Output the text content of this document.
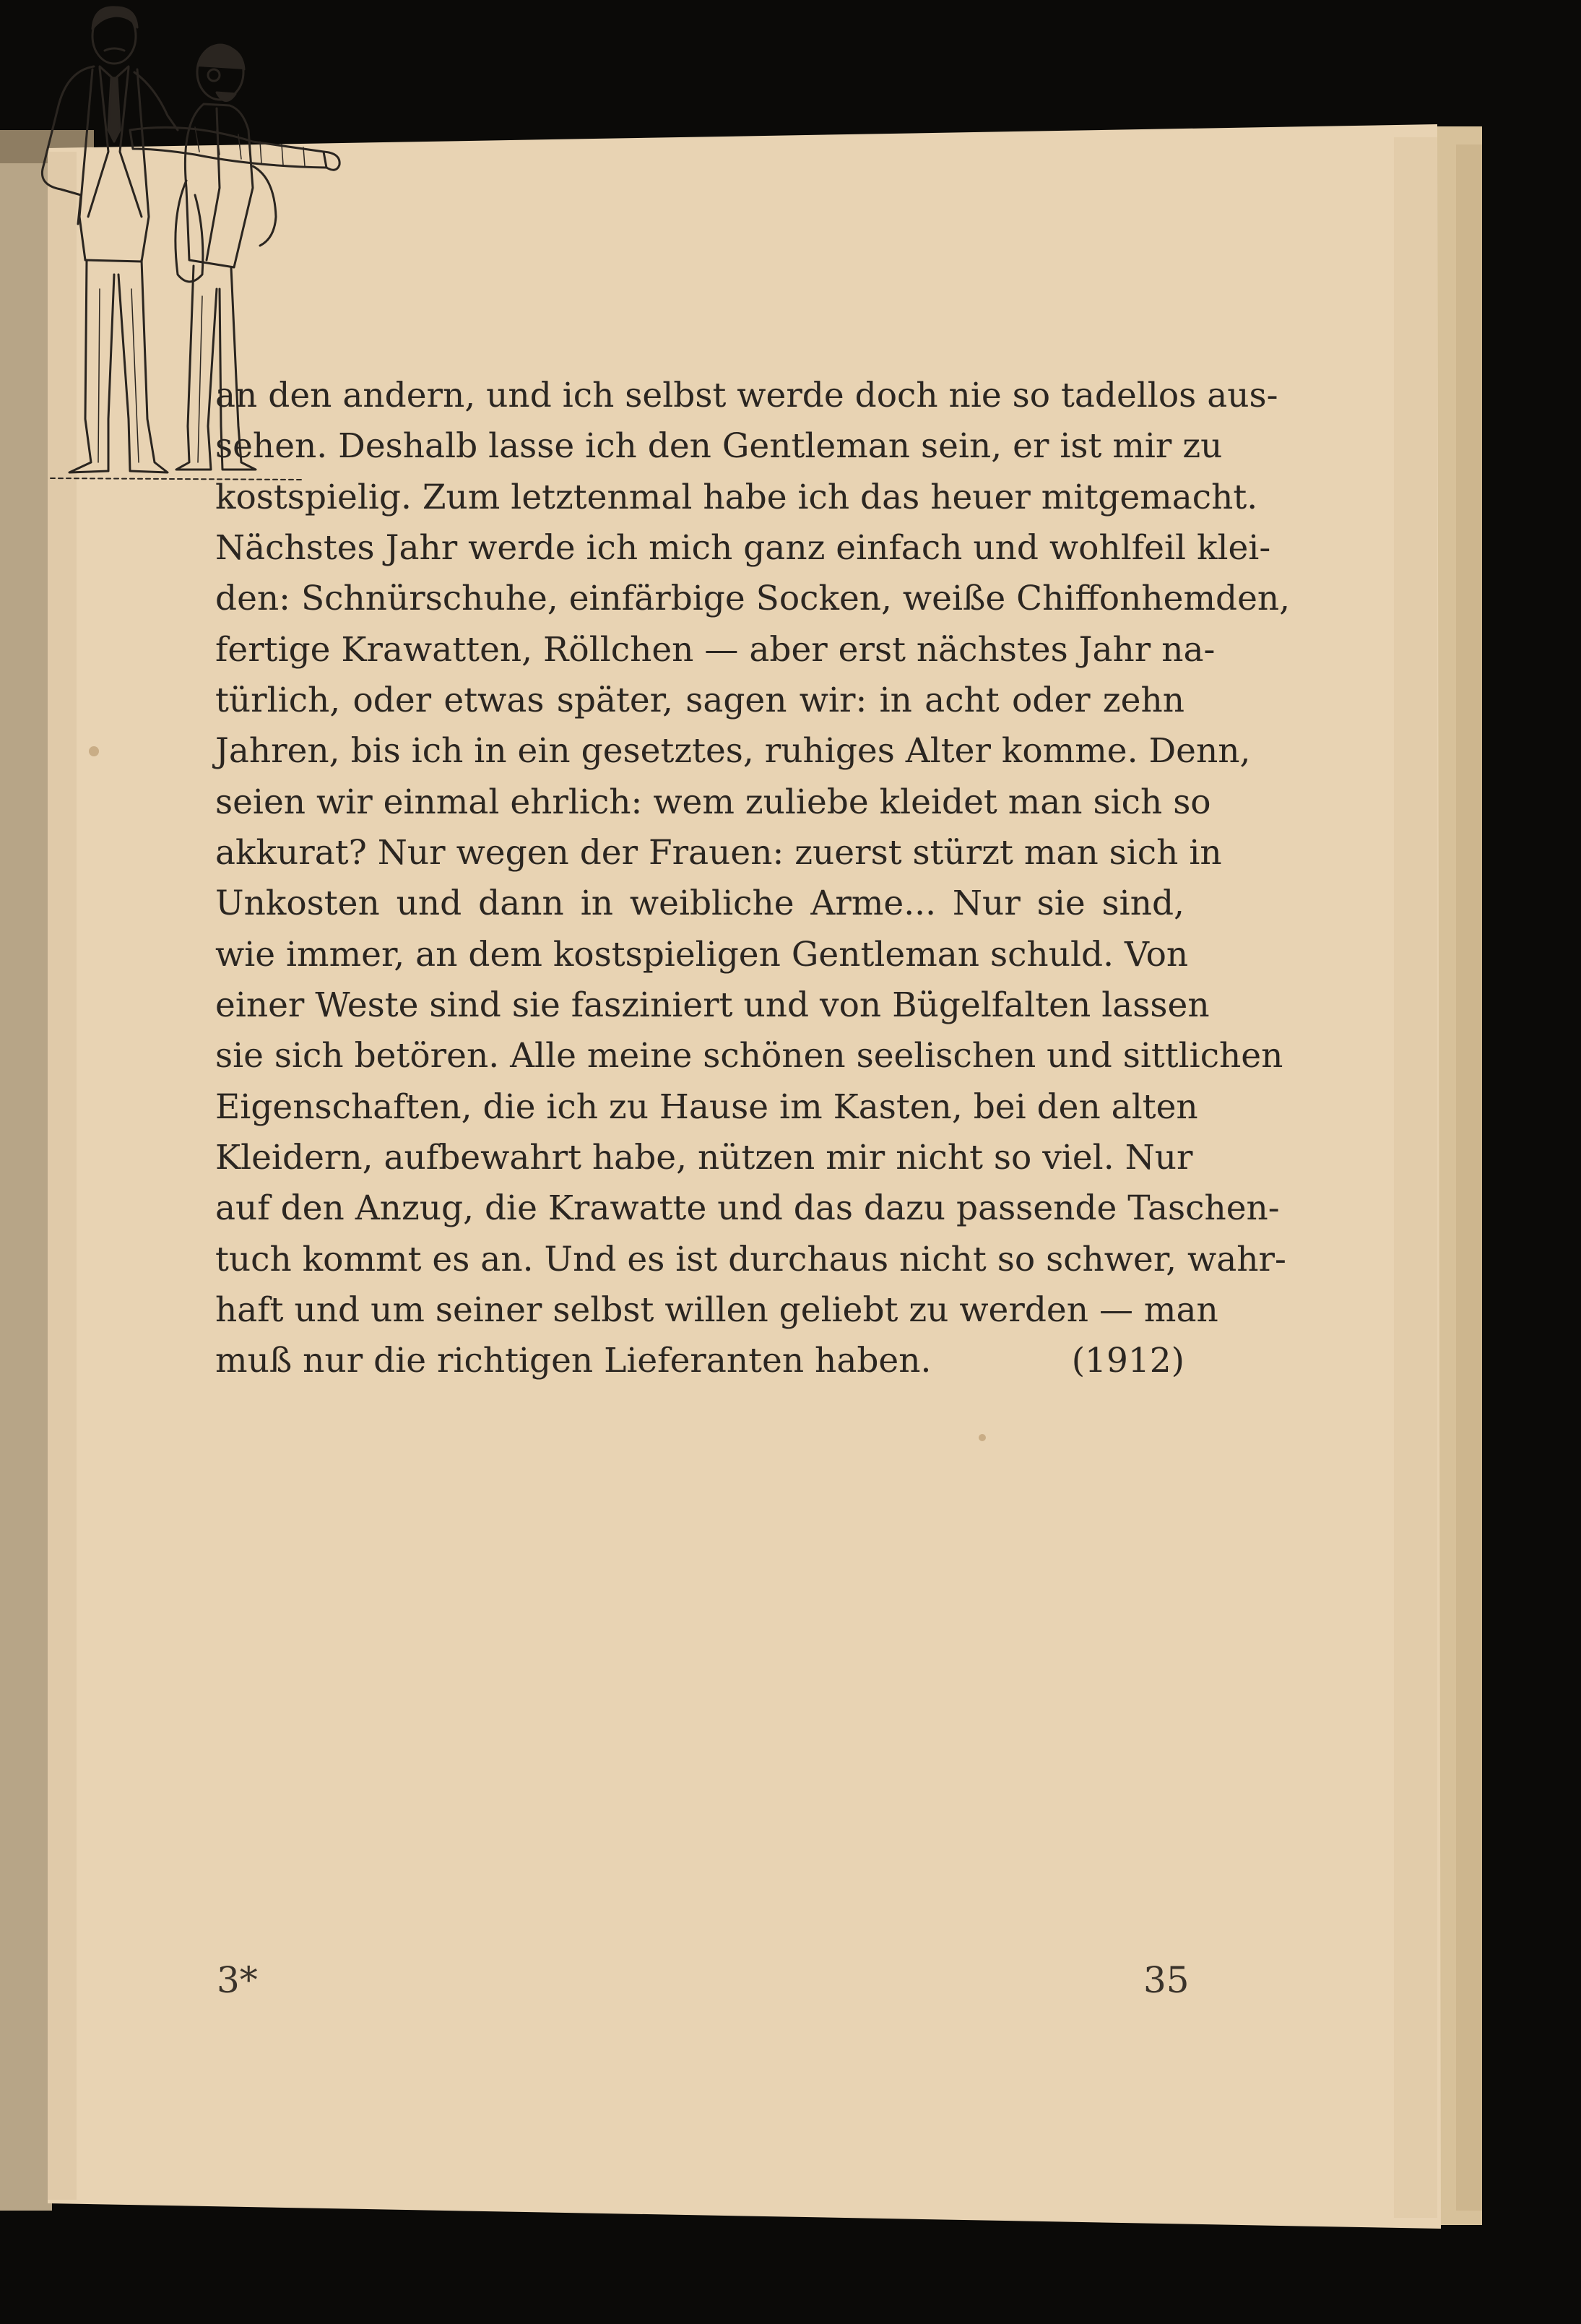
an den andern, und ich selbst werde doch nie so tadellos aus-
sehen. Deshalb lasse ich den Gentleman sein, er ist mir zu
kostspielig. Zum letztenmal habe ich das heuer mitgemacht.
Nächstes Jahr werde ich mich ganz einfach und wohlfeil klei-
den: Schnürschuhe, einfärbige Socken, weiße Chiffonhemden,
fertige Krawatten, Röllchen — aber erst nächstes Jahr na-
türlich, oder etwas später, sagen wir: in acht oder zehn
Jahren, bis ich in ein gesetztes, ruhiges Alter komme. Denn,
seien wir einmal ehrlich: wem zuliebe kleidet man sich so
akkurat? Nur wegen der Frauen: zuerst stürzt man sich in
Unkosten und dann in weibliche Arme... Nur sie sind,
wie immer, an dem kostspieligen Gentleman schuld. Von
einer Weste sind sie fasziniert und von Bügelfalten lassen
sie sich betören. Alle meine schönen seelischen und sittlichen
Eigenschaften, die ich zu Hause im Kasten, bei den alten
Kleidern, aufbewahrt habe, nützen mir nicht so viel. Nur
auf den Anzug, die Krawatte und das dazu passende Taschen-
tuch kommt es an. Und es ist durchaus nicht so schwer, wahr-
haft und um seiner selbst willen geliebt zu werden — man
muß nur die richtigen Lieferanten haben.	(1912)
3*	35
